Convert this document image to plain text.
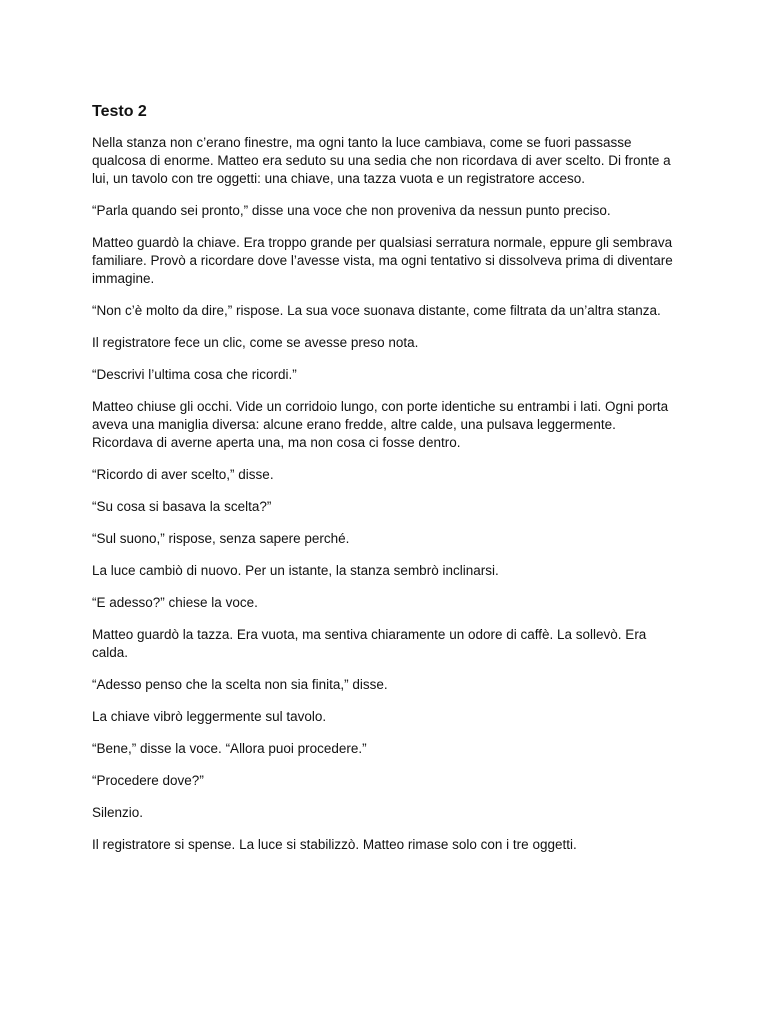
Testo 2

Nella stanza non c’erano finestre, ma ogni tanto la luce cambiava, come se fuori passasse qualcosa di enorme. Matteo era seduto su una sedia che non ricordava di aver scelto. Di fronte a lui, un tavolo con tre oggetti: una chiave, una tazza vuota e un registratore acceso.

“Parla quando sei pronto,” disse una voce che non proveniva da nessun punto preciso.

Matteo guardò la chiave. Era troppo grande per qualsiasi serratura normale, eppure gli sembrava familiare. Provò a ricordare dove l’avesse vista, ma ogni tentativo si dissolveva prima di diventare immagine.

“Non c’è molto da dire,” rispose. La sua voce suonava distante, come filtrata da un’altra stanza.

Il registratore fece un clic, come se avesse preso nota.

“Descrivi l’ultima cosa che ricordi.”

Matteo chiuse gli occhi. Vide un corridoio lungo, con porte identiche su entrambi i lati. Ogni porta aveva una maniglia diversa: alcune erano fredde, altre calde, una pulsava leggermente. Ricordava di averne aperta una, ma non cosa ci fosse dentro.

“Ricordo di aver scelto,” disse.

“Su cosa si basava la scelta?”

“Sul suono,” rispose, senza sapere perché.

La luce cambiò di nuovo. Per un istante, la stanza sembrò inclinarsi.

“E adesso?” chiese la voce.

Matteo guardò la tazza. Era vuota, ma sentiva chiaramente un odore di caffè. La sollevò. Era calda.

“Adesso penso che la scelta non sia finita,” disse.

La chiave vibrò leggermente sul tavolo.

“Bene,” disse la voce. “Allora puoi procedere.”

“Procedere dove?”

Silenzio.

Il registratore si spense. La luce si stabilizzò. Matteo rimase solo con i tre oggetti.
